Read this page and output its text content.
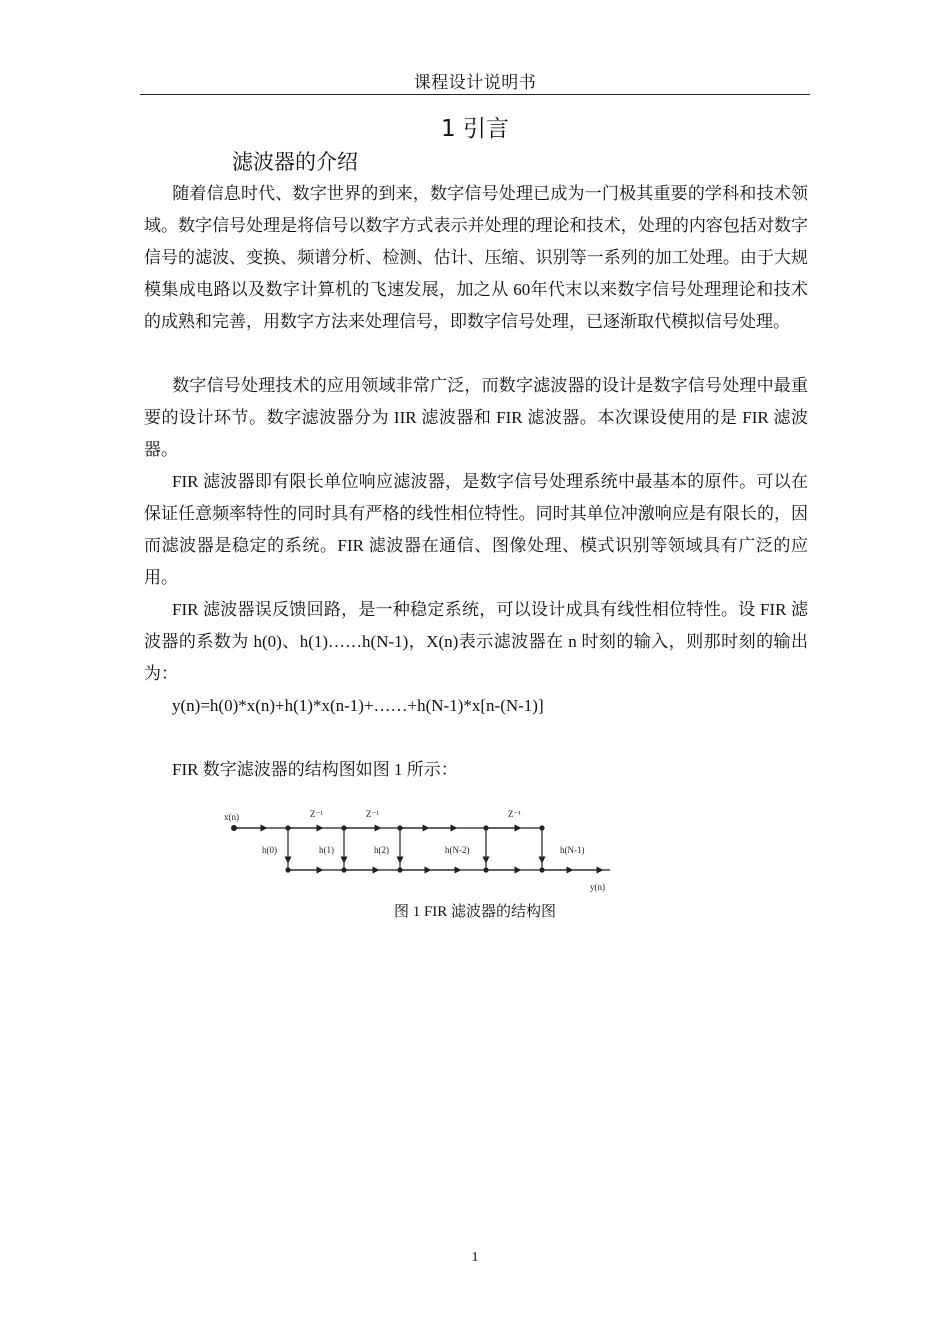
课程设计说明书
1 引言
滤波器的介绍

随着信息时代、数字世界的到来，数字信号处理已成为一门极其重要的学科和技术领域。数字信号处理是将信号以数字方式表示并处理的理论和技术，处理的内容包括对数字信号的滤波、变换、频谱分析、检测、估计、压缩、识别等一系列的加工处理。由于大规模集成电路以及数字计算机的飞速发展，加之从 60年代末以来数字信号处理理论和技术的成熟和完善，用数字方法来处理信号，即数字信号处理，已逐渐取代模拟信号处理。

数字信号处理技术的应用领域非常广泛，而数字滤波器的设计是数字信号处理中最重要的设计环节。数字滤波器分为 IIR 滤波器和 FIR 滤波器。本次课设使用的是 FIR 滤波器。

FIR 滤波器即有限长单位响应滤波器，是数字信号处理系统中最基本的原件。可以在保证任意频率特性的同时具有严格的线性相位特性。同时其单位冲激响应是有限长的，因而滤波器是稳定的系统。FIR 滤波器在通信、图像处理、模式识别等领域具有广泛的应用。

FIR 滤波器误反馈回路，是一种稳定系统，可以设计成具有线性相位特性。设 FIR 滤波器的系数为 h(0)、h(1)……h(N-1)，X(n)表示滤波器在 n 时刻的输入，则那时刻的输出为：

y(n)=h(0)*x(n)+h(1)*x(n-1)+……+h(N-1)*x[n-(N-1)]

FIR 数字滤波器的结构图如图 1 所示：

x(n)	Z⁻¹	Z⁻¹	Z⁻¹
h(0)	h(1)	h(2)	h(N-2)	h(N-1)
y(n)
图 1 FIR 滤波器的结构图
1
